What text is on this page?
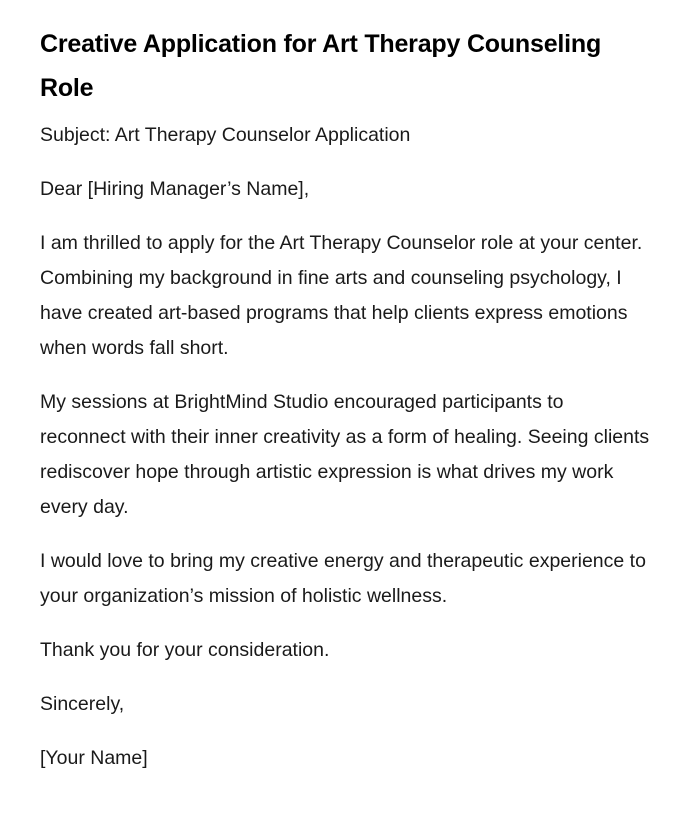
Creative Application for Art Therapy Counseling Role

Subject: Art Therapy Counselor Application

Dear [Hiring Manager’s Name],

I am thrilled to apply for the Art Therapy Counselor role at your center. Combining my background in fine arts and counseling psychology, I have created art-based programs that help clients express emotions when words fall short.

My sessions at BrightMind Studio encouraged participants to reconnect with their inner creativity as a form of healing. Seeing clients rediscover hope through artistic expression is what drives my work every day.

I would love to bring my creative energy and therapeutic experience to your organization’s mission of holistic wellness.

Thank you for your consideration.

Sincerely,

[Your Name]
